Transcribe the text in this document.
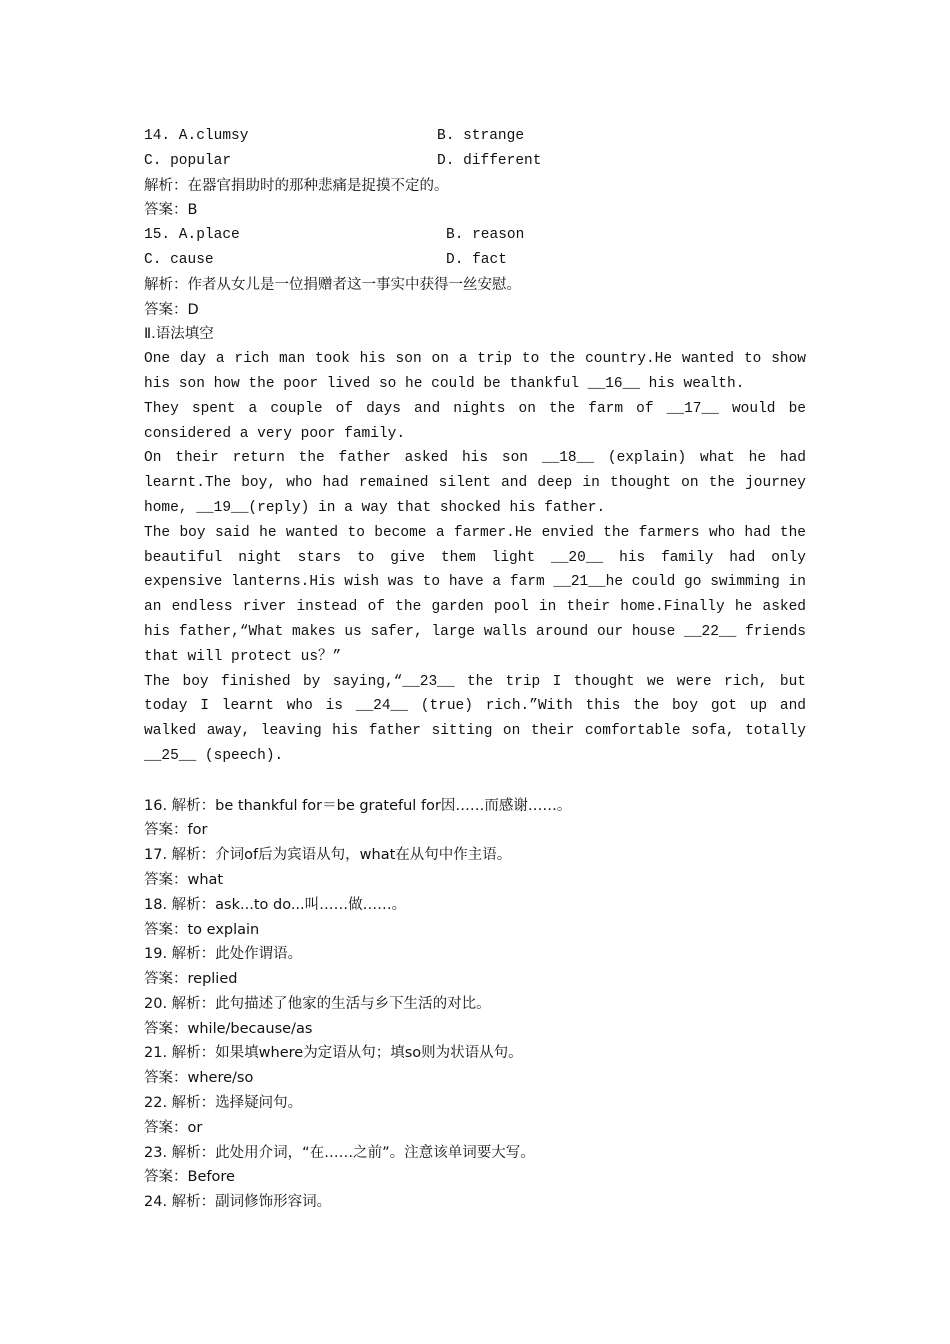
14. A.clumsy	B. strange
C. popular	D. different
解析：在器官捐助时的那种悲痛是捉摸不定的。
答案：B
15. A.place	B. reason
C. cause	D. fact
解析：作者从女儿是一位捐赠者这一事实中获得一丝安慰。
答案：D
Ⅱ.语法填空
One day a rich man took his son on a trip to the country.He wanted to show his son how the poor lived so he could be thankful __16__ his wealth.
They spent a couple of days and nights on the farm of __17__ would be considered a very poor family.
On their return the father asked his son __18__ (explain) what he had learnt.The boy, who had remained silent and deep in thought on the journey home, __19__(reply) in a way that shocked his father.
The boy said he wanted to become a farmer.He envied the farmers who had the beautiful night stars to give them light __20__ his family had only expensive lanterns.His wish was to have a farm __21__he could go swimming in an endless river instead of the garden pool in their home.Finally he asked his father,“What makes us safer, large walls around our house __22__ friends that will protect us？”
The boy finished by saying,“__23__ the trip I thought we were rich, but today I learnt who is __24__ (true) rich.”With this the boy got up and walked away, leaving his father sitting on their comfortable sofa, totally __25__ (speech).
16. 解析：be thankful for＝be grateful for因……而感谢……。
答案：for
17. 解析：介词of后为宾语从句，what在从句中作主语。
答案：what
18. 解析：ask...to do...叫……做……。
答案：to explain
19. 解析：此处作谓语。
答案：replied
20. 解析：此句描述了他家的生活与乡下生活的对比。
答案：while/because/as
21. 解析：如果填where为定语从句；填so则为状语从句。
答案：where/so
22. 解析：选择疑问句。
答案：or
23. 解析：此处用介词，“在……之前”。注意该单词要大写。
答案：Before
24. 解析：副词修饰形容词。
